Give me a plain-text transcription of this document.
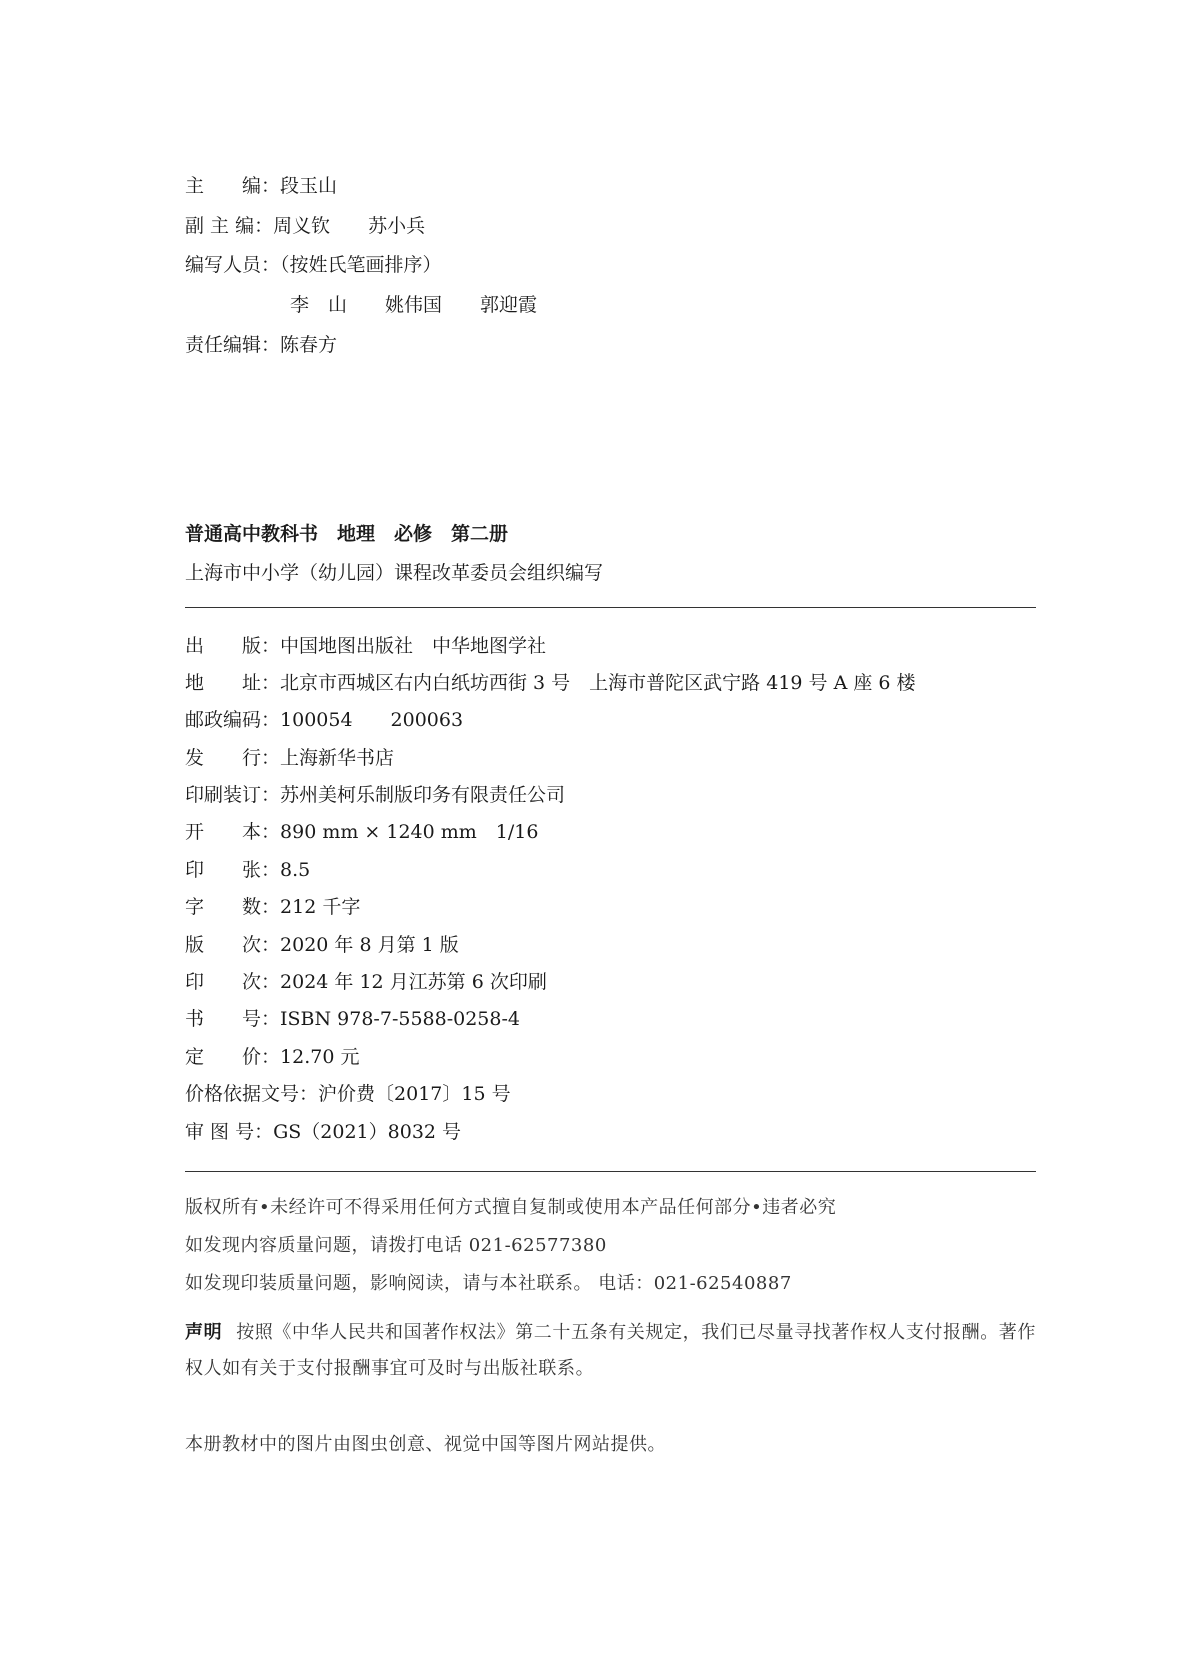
主　　编：段玉山
副 主 编：周义钦 苏小兵
编写人员：（按姓氏笔画排序）
李　山 姚伟国 郭迎霞
责任编辑：陈春方
普通高中教科书　地理　必修　第二册
上海市中小学（幼儿园）课程改革委员会组织编写
出　　版：中国地图出版社　中华地图学社
地　　址：北京市西城区右内白纸坊西街 3 号　上海市普陀区武宁路 419 号 A 座 6 楼
邮政编码：100054　　200063
发　　行：上海新华书店
印刷装订：苏州美柯乐制版印务有限责任公司
开　　本：890 mm × 1240 mm　1/16
印　　张：8.5
字　　数：212 千字
版　　次：2020 年 8 月第 1 版
印　　次：2024 年 12 月江苏第 6 次印刷
书　　号：ISBN 978-7-5588-0258-4
定　　价：12.70 元
价格依据文号：沪价费〔2017〕15 号
审 图 号：GS（2021）8032 号
版权所有•未经许可不得采用任何方式擅自复制或使用本产品任何部分•违者必究
如发现内容质量问题，请拨打电话 021-62577380
如发现印装质量问题，影响阅读，请与本社联系。 电话：021-62540887
声明 按照《中华人民共和国著作权法》第二十五条有关规定，我们已尽量寻找著作权人支付报酬。著作权人如有关于支付报酬事宜可及时与出版社联系。
本册教材中的图片由图虫创意、视觉中国等图片网站提供。
